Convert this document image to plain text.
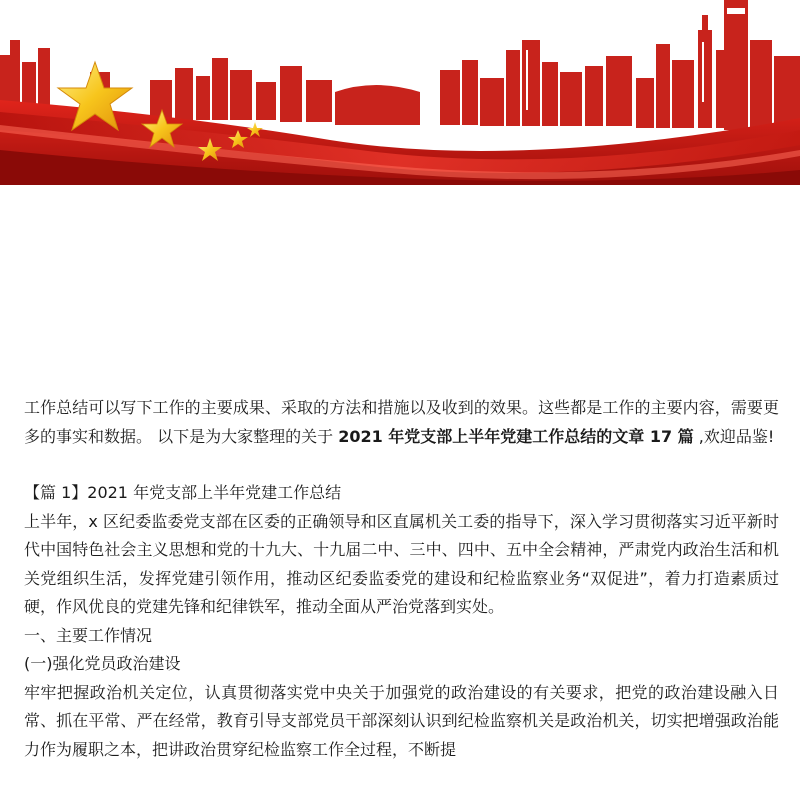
工作总结可以写下工作的主要成果、采取的方法和措施以及收到的效果。这些都是工作的主要内容，需要更多的事实和数据。 以下是为大家整理的关于 2021 年党支部上半年党建工作总结的文章 17 篇 ,欢迎品鉴!

【篇 1】2021 年党支部上半年党建工作总结

上半年，x 区纪委监委党支部在区委的正确领导和区直属机关工委的指导下，深入学习贯彻落实习近平新时代中国特色社会主义思想和党的十九大、十九届二中、三中、四中、五中全会精神，严肃党内政治生活和机关党组织生活，发挥党建引领作用，推动区纪委监委党的建设和纪检监察业务“双促进”，着力打造素质过硬，作风优良的党建先锋和纪律铁军，推动全面从严治党落到实处。

一、主要工作情况

(一)强化党员政治建设

牢牢把握政治机关定位，认真贯彻落实党中央关于加强党的政治建设的有关要求，把党的政治建设融入日常、抓在平常、严在经常，教育引导支部党员干部深刻认识到纪检监察机关是政治机关，切实把增强政治能力作为履职之本，把讲政治贯穿纪检监察工作全过程，不断提
